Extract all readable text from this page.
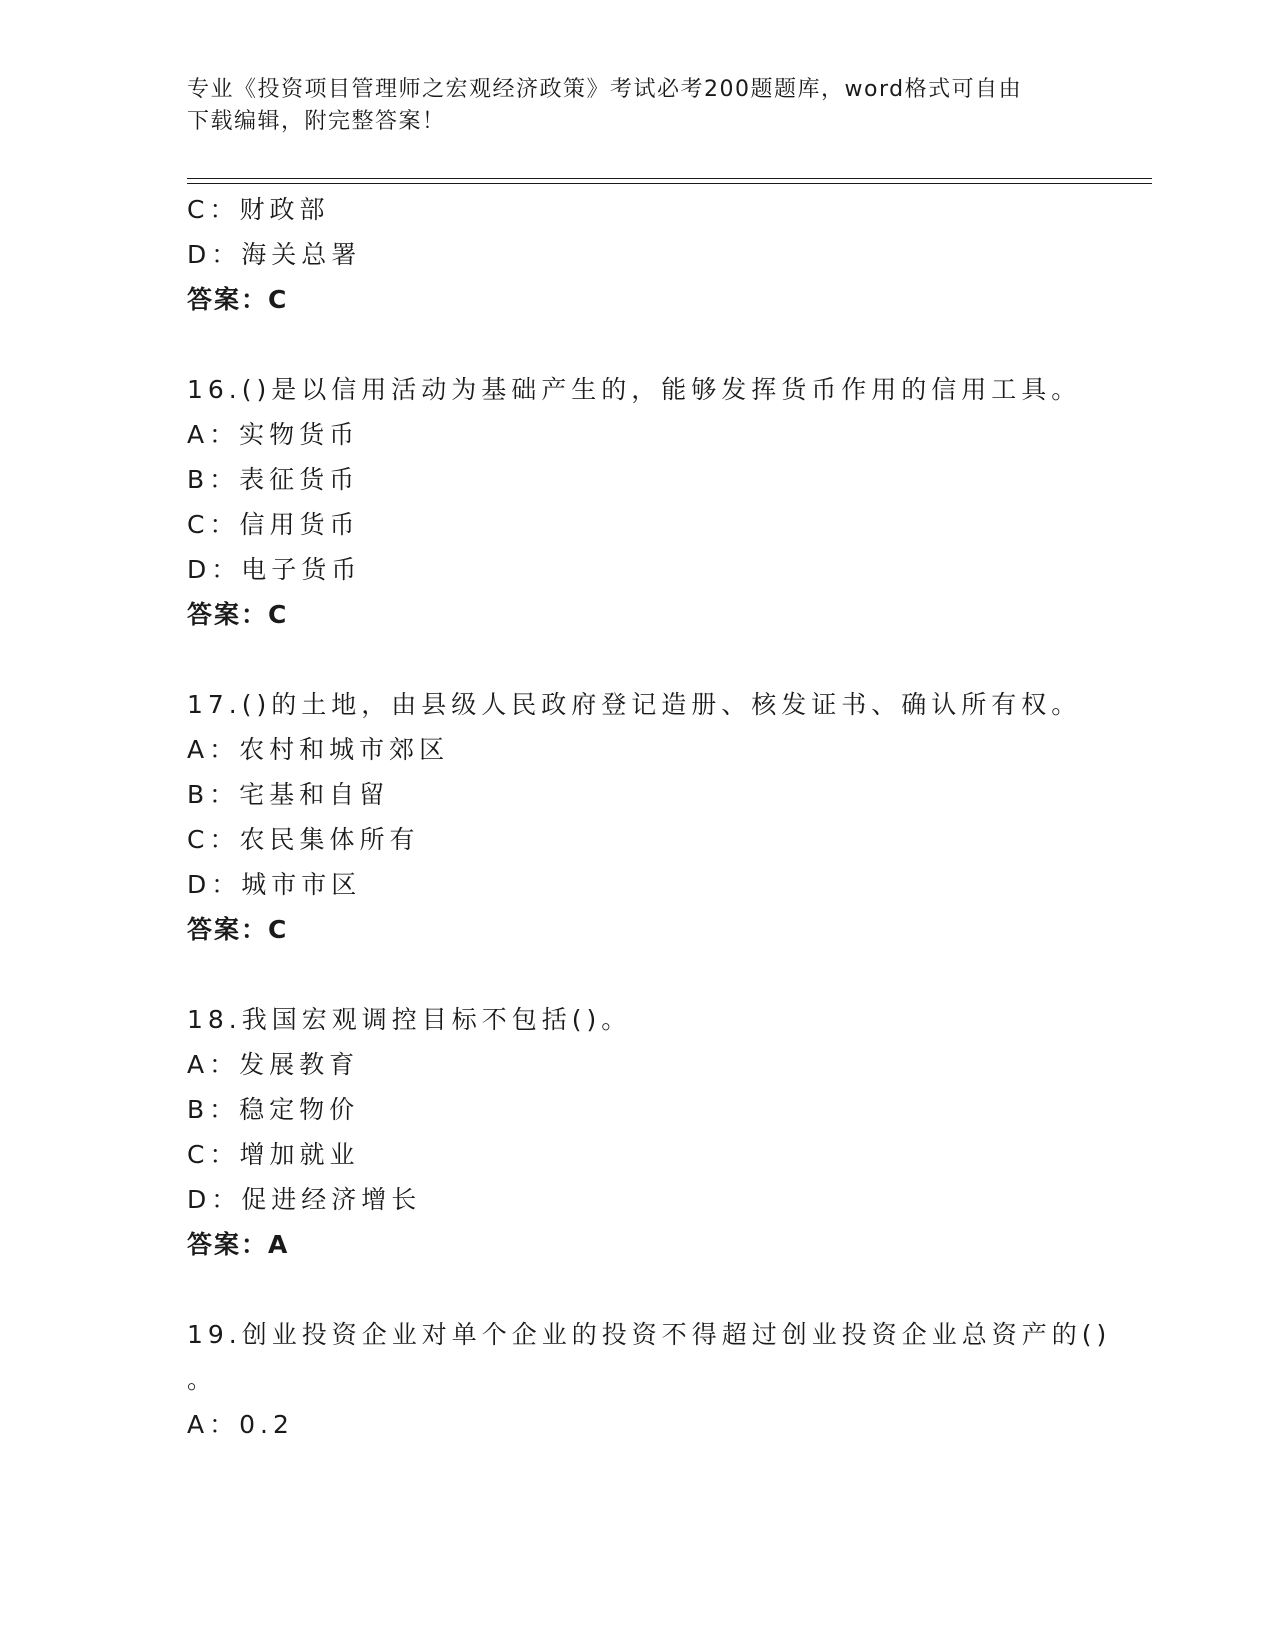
专业《投资项目管理师之宏观经济政策》考试必考200题题库，word格式可自由
下载编辑，附完整答案！
C：财政部
D：海关总署
答案：C
16.()是以信用活动为基础产生的，能够发挥货币作用的信用工具。
A：实物货币
B：表征货币
C：信用货币
D：电子货币
答案：C
17.()的土地，由县级人民政府登记造册、核发证书、确认所有权。
A：农村和城市郊区
B：宅基和自留
C：农民集体所有
D：城市市区
答案：C
18.我国宏观调控目标不包括()。
A：发展教育
B：稳定物价
C：增加就业
D：促进经济增长
答案：A
19.创业投资企业对单个企业的投资不得超过创业投资企业总资产的()
。
A：0.2
